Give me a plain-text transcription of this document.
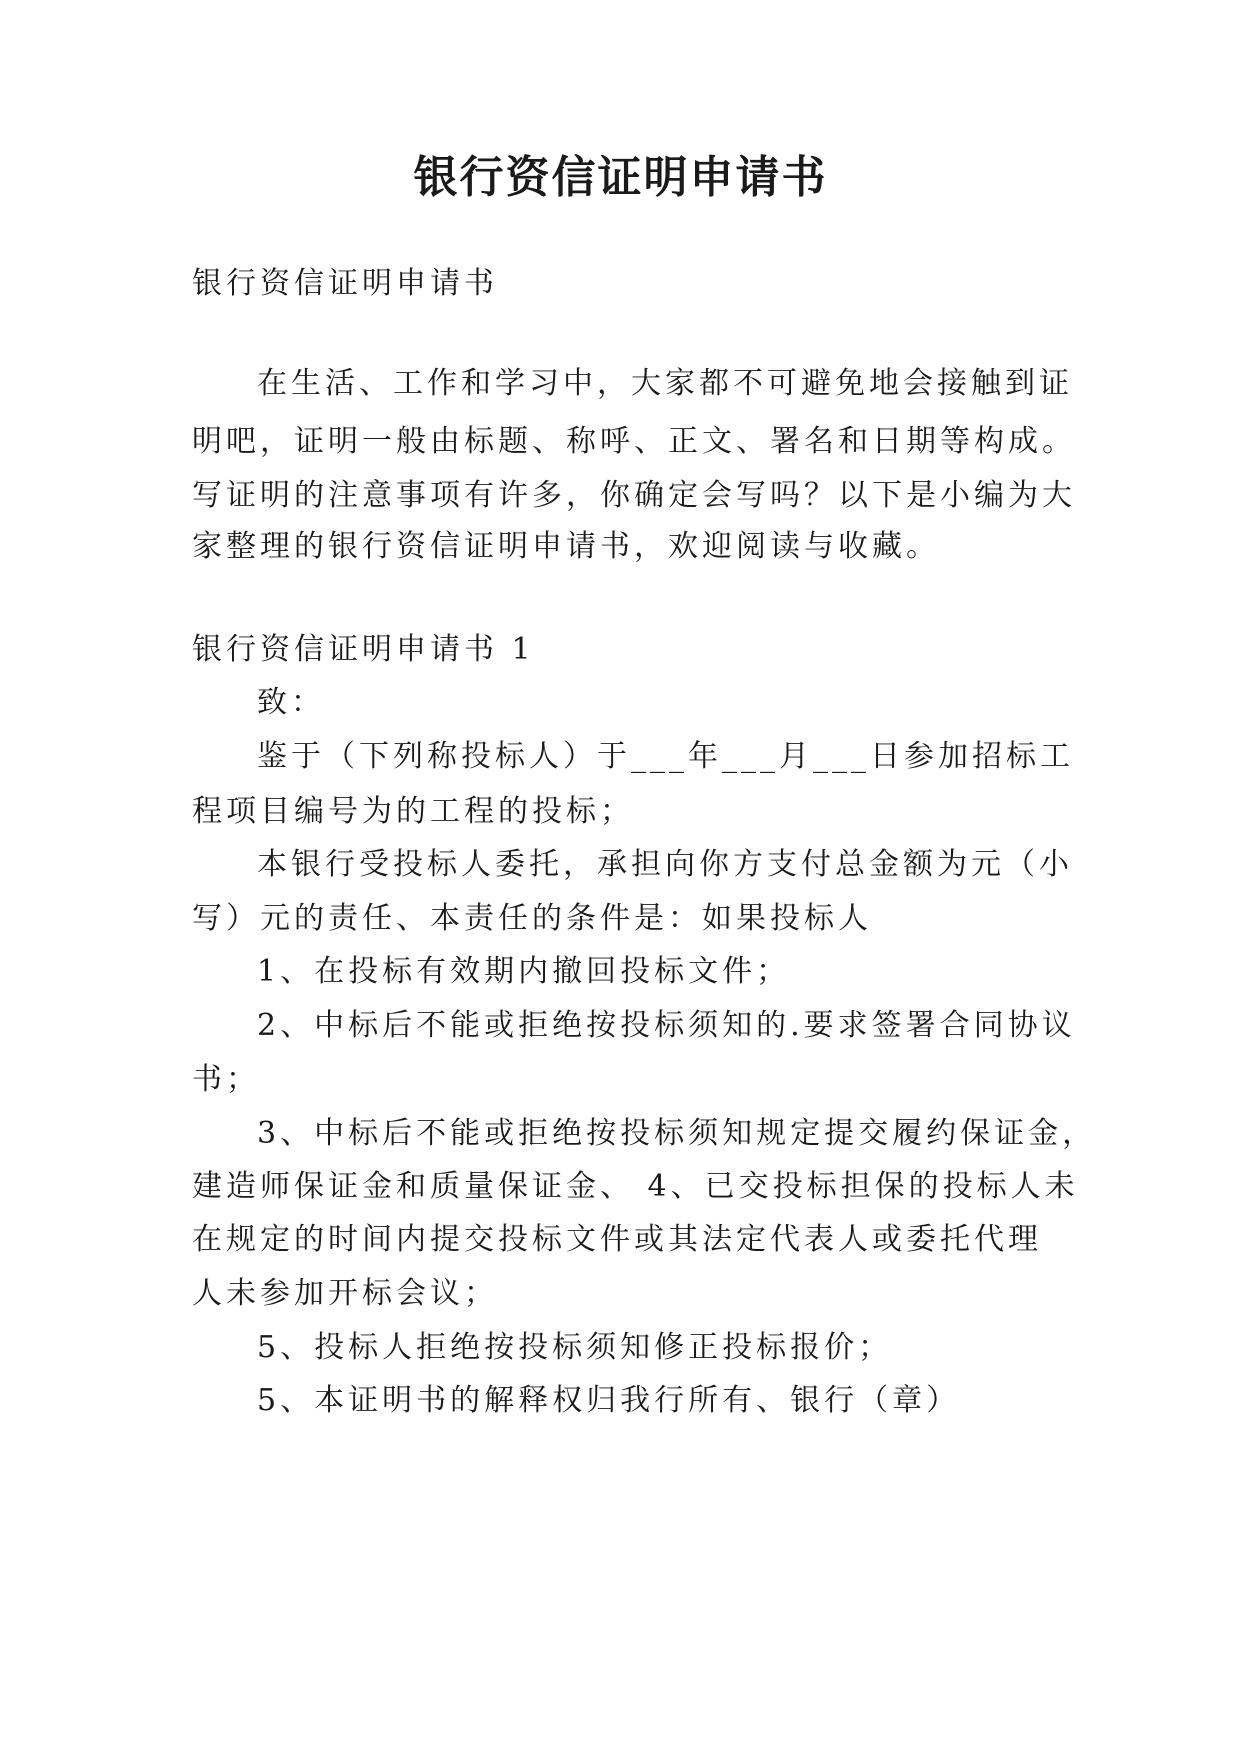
银行资信证明申请书

银行资信证明申请书

在生活、工作和学习中，大家都不可避免地会接触到证

明吧，证明一般由标题、称呼、正文、署名和日期等构成。

写证明的注意事项有许多，你确定会写吗？以下是小编为大

家整理的银行资信证明申请书，欢迎阅读与收藏。

银行资信证明申请书 1

致：

鉴于（下列称投标人）于___年___月___日参加招标工

程项目编号为的工程的投标；

本银行受投标人委托，承担向你方支付总金额为元（小

写）元的责任、本责任的条件是：如果投标人

1、在投标有效期内撤回投标文件；

2、中标后不能或拒绝按投标须知的.要求签署合同协议

书；

3、中标后不能或拒绝按投标须知规定提交履约保证金，

建造师保证金和质量保证金、 4、已交投标担保的投标人未

在规定的时间内提交投标文件或其法定代表人或委托代理

人未参加开标会议；

5、投标人拒绝按投标须知修正投标报价；

5、本证明书的解释权归我行所有、银行（章）
